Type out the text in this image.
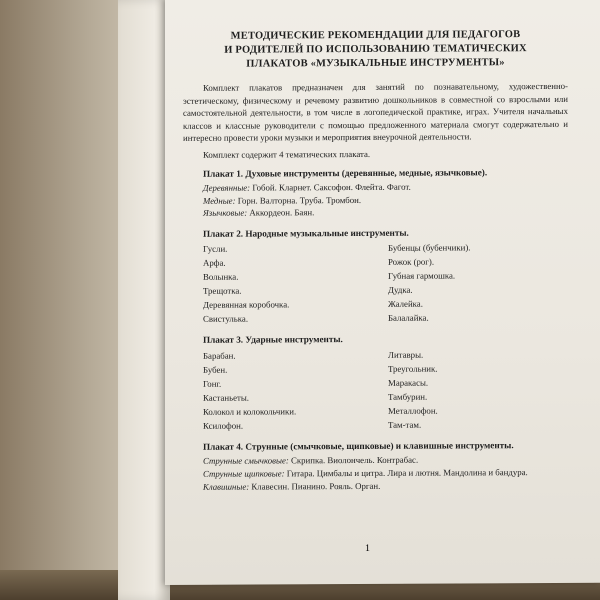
МЕТОДИЧЕСКИЕ РЕКОМЕНДАЦИИ ДЛЯ ПЕДАГОГОВ
И РОДИТЕЛЕЙ ПО ИСПОЛЬЗОВАНИЮ ТЕМАТИЧЕСКИХ
ПЛАКАТОВ «МУЗЫКАЛЬНЫЕ ИНСТРУМЕНТЫ»

Комплект плакатов предназначен для занятий по познавательному, художественно-эстетическому, физическому и речевому развитию дошкольников в совместной со взрослыми или самостоятельной деятельности, в том числе в логопедической практике, играх. Учителя начальных классов и классные руководители с помощью предложенного материала смогут содержательно и интересно провести уроки музыки и мероприятия внеурочной деятельности.

Комплект содержит 4 тематических плаката.

Плакат 1. Духовые инструменты (деревянные, медные, язычковые).
Деревянные: Гобой. Кларнет. Саксофон. Флейта. Фагот.
Медные: Горн. Валторна. Труба. Тромбон.
Язычковые: Аккордеон. Баян.
Плакат 2. Народные музыкальные инструменты.
Гусли.	Бубенцы (бубенчики).
Арфа.	Рожок (рог).
Волынка.	Губная гармошка.
Трещотка.	Дудка.
Деревянная коробочка.	Жалейка.
Свистулька.	Балалайка.
Плакат 3. Ударные инструменты.
Барабан.	Литавры.
Бубен.	Треугольник.
Гонг.	Маракасы.
Кастаньеты.	Тамбурин.
Колокол и колокольчики.	Металлофон.
Ксилофон.	Там-там.
Плакат 4. Струнные (смычковые, щипковые) и клавишные инструменты.
Струнные смычковые: Скрипка. Виолончель. Контрабас.
Струнные щипковые: Гитара. Цимбалы и цитра. Лира и лютня. Мандолина и бандура.
Клавишные: Клавесин. Пианино. Рояль. Орган.
1
